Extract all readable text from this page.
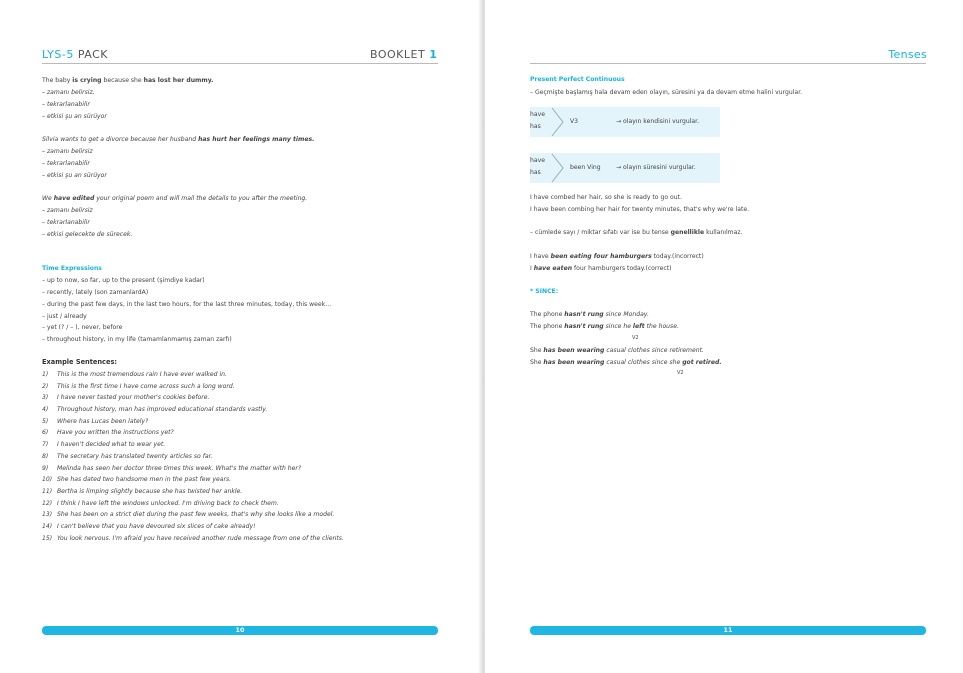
LYS-5 PACK	BOOKLET 1
The baby is crying because she has lost her dummy.
– zamanı belirsiz,
– tekrarlanabilir
– etkisi şu an sürüyor
Silvia wants to get a divorce because her husband has hurt her feelings many times.
– zamanı belirsiz
– tekrarlanabilir
– etkisi şu an sürüyor
We have edited your original poem and will mail the details to you after the meeting.
– zamanı belirsiz
– tekrarlanabilir
– etkisi gelecekte de sürecek.
Time Expressions
– up to now, so far, up to the present (şimdiye kadar)
– recently, lately (son zamanlardA)
– during the past few days, in the last two hours, for the last three minutes, today, this week…
– just / already
– yet (? / – ), never, before
– throughout history, in my life (tamamlanmamış zaman zarfı)
Example Sentences:
1) This is the most tremendous rain I have ever walked in.
2) This is the first time I have come across such a long word.
3) I have never tasted your mother's cookies before.
4) Throughout history, man has improved educational standards vastly.
5) Where has Lucas been lately?
6) Have you written the instructions yet?
7) I haven't decided what to wear yet.
8) The secretary has translated twenty articles so far.
9) Melinda has seen her doctor three times this week. What's the matter with her?
10) She has dated two handsome men in the past few years.
11) Bertha is limping slightly because she has twisted her ankle.
12) I think I have left the windows unlocked. I'm driving back to check them.
13) She has been on a strict diet during the past few weeks, that's why she looks like a model.
14) I can't believe that you have devoured six slices of cake already!
15) You look nervous. I'm afraid you have received another rude message from one of the clients.
10
Tenses
Present Perfect Continuous
– Geçmişte başlamış hala devam eden olayın, süresini ya da devam etme halini vurgular.
have
has
V3	→ olayın kendisini vurgular.
have
has
been Ving	→ olayın süresini vurgular.
I have combed her hair, so she is ready to go out.
I have been combing her hair for twenty minutes, that's why we're late.
– cümlede sayı / miktar sıfatı var ise bu tense genellikle kullanılmaz.
I have been eating four hamburgers today.(incorrect)
I have eaten four hamburgers today.(correct)
* SINCE:
The phone hasn't rung since Monday.
The phone hasn't rung since he left the house.
V2
She has been wearing casual clothes since retirement.
She has been wearing casual clothes since she got retired.
V2
11
